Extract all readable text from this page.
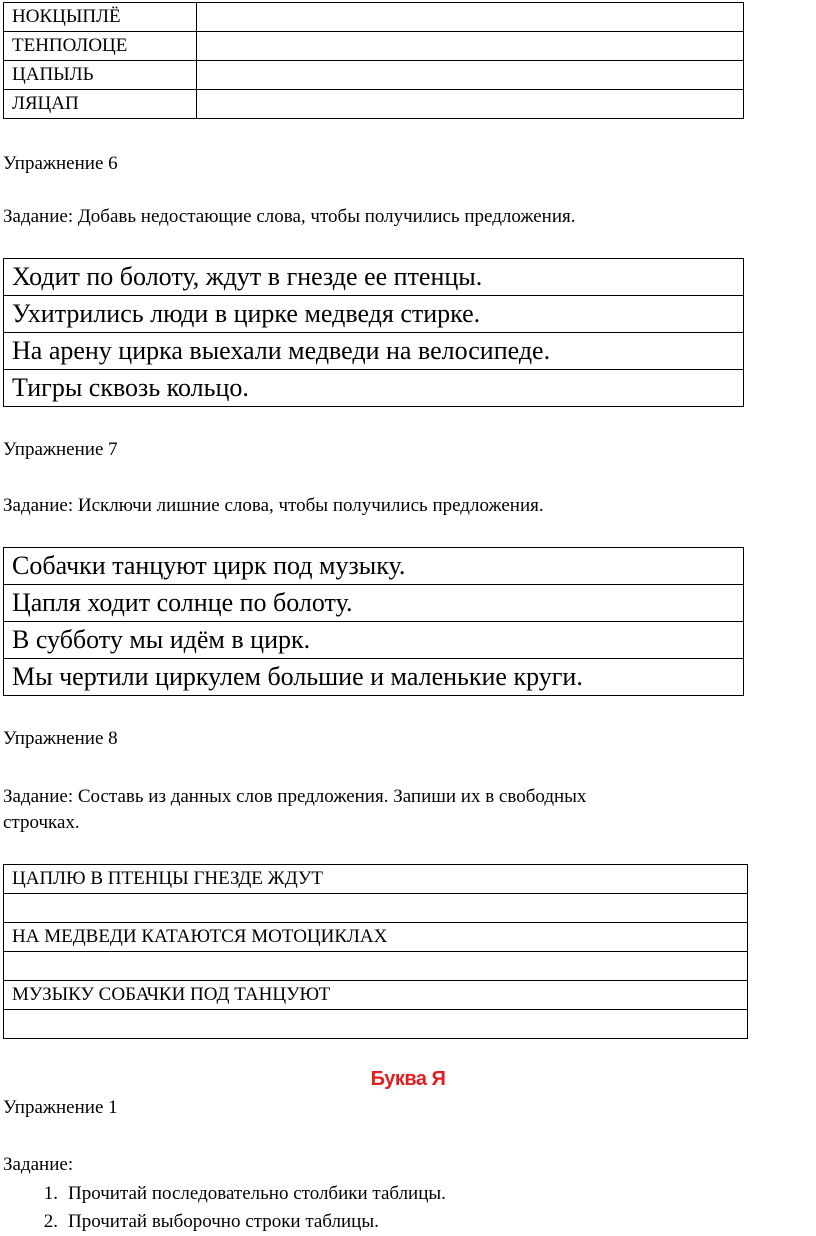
НОКЦЫПЛЁ	
ТЕНПОЛОЦЕ	
ЦАПЫЛЬ	
ЛЯЦАП	

Упражнение 6

Задание: Добавь недостающие слова, чтобы получились предложения.

Ходит по болоту, ждут в гнезде ее птенцы.
Ухитрились люди в цирке медведя стирке.
На арену цирка выехали медведи на велосипеде.
Тигры сквозь кольцо.

Упражнение 7

Задание: Исключи лишние слова, чтобы получились предложения.

Собачки танцуют цирк под музыку.
Цапля ходит солнце по болоту.
В субботу мы идём в цирк.
Мы чертили циркулем большие и маленькие круги.

Упражнение 8

Задание: Составь из данных слов предложения. Запиши их в свободных

строчках.

ЦАПЛЮ В ПТЕНЦЫ ГНЕЗДЕ ЖДУТ

НА МЕДВЕДИ КАТАЮТСЯ МОТОЦИКЛАХ

МУЗЫКУ СОБАЧКИ ПОД ТАНЦУЮТ

Буква Я

Упражнение 1

Задание:

1. Прочитай последовательно столбики таблицы.
2. Прочитай выборочно строки таблицы.
